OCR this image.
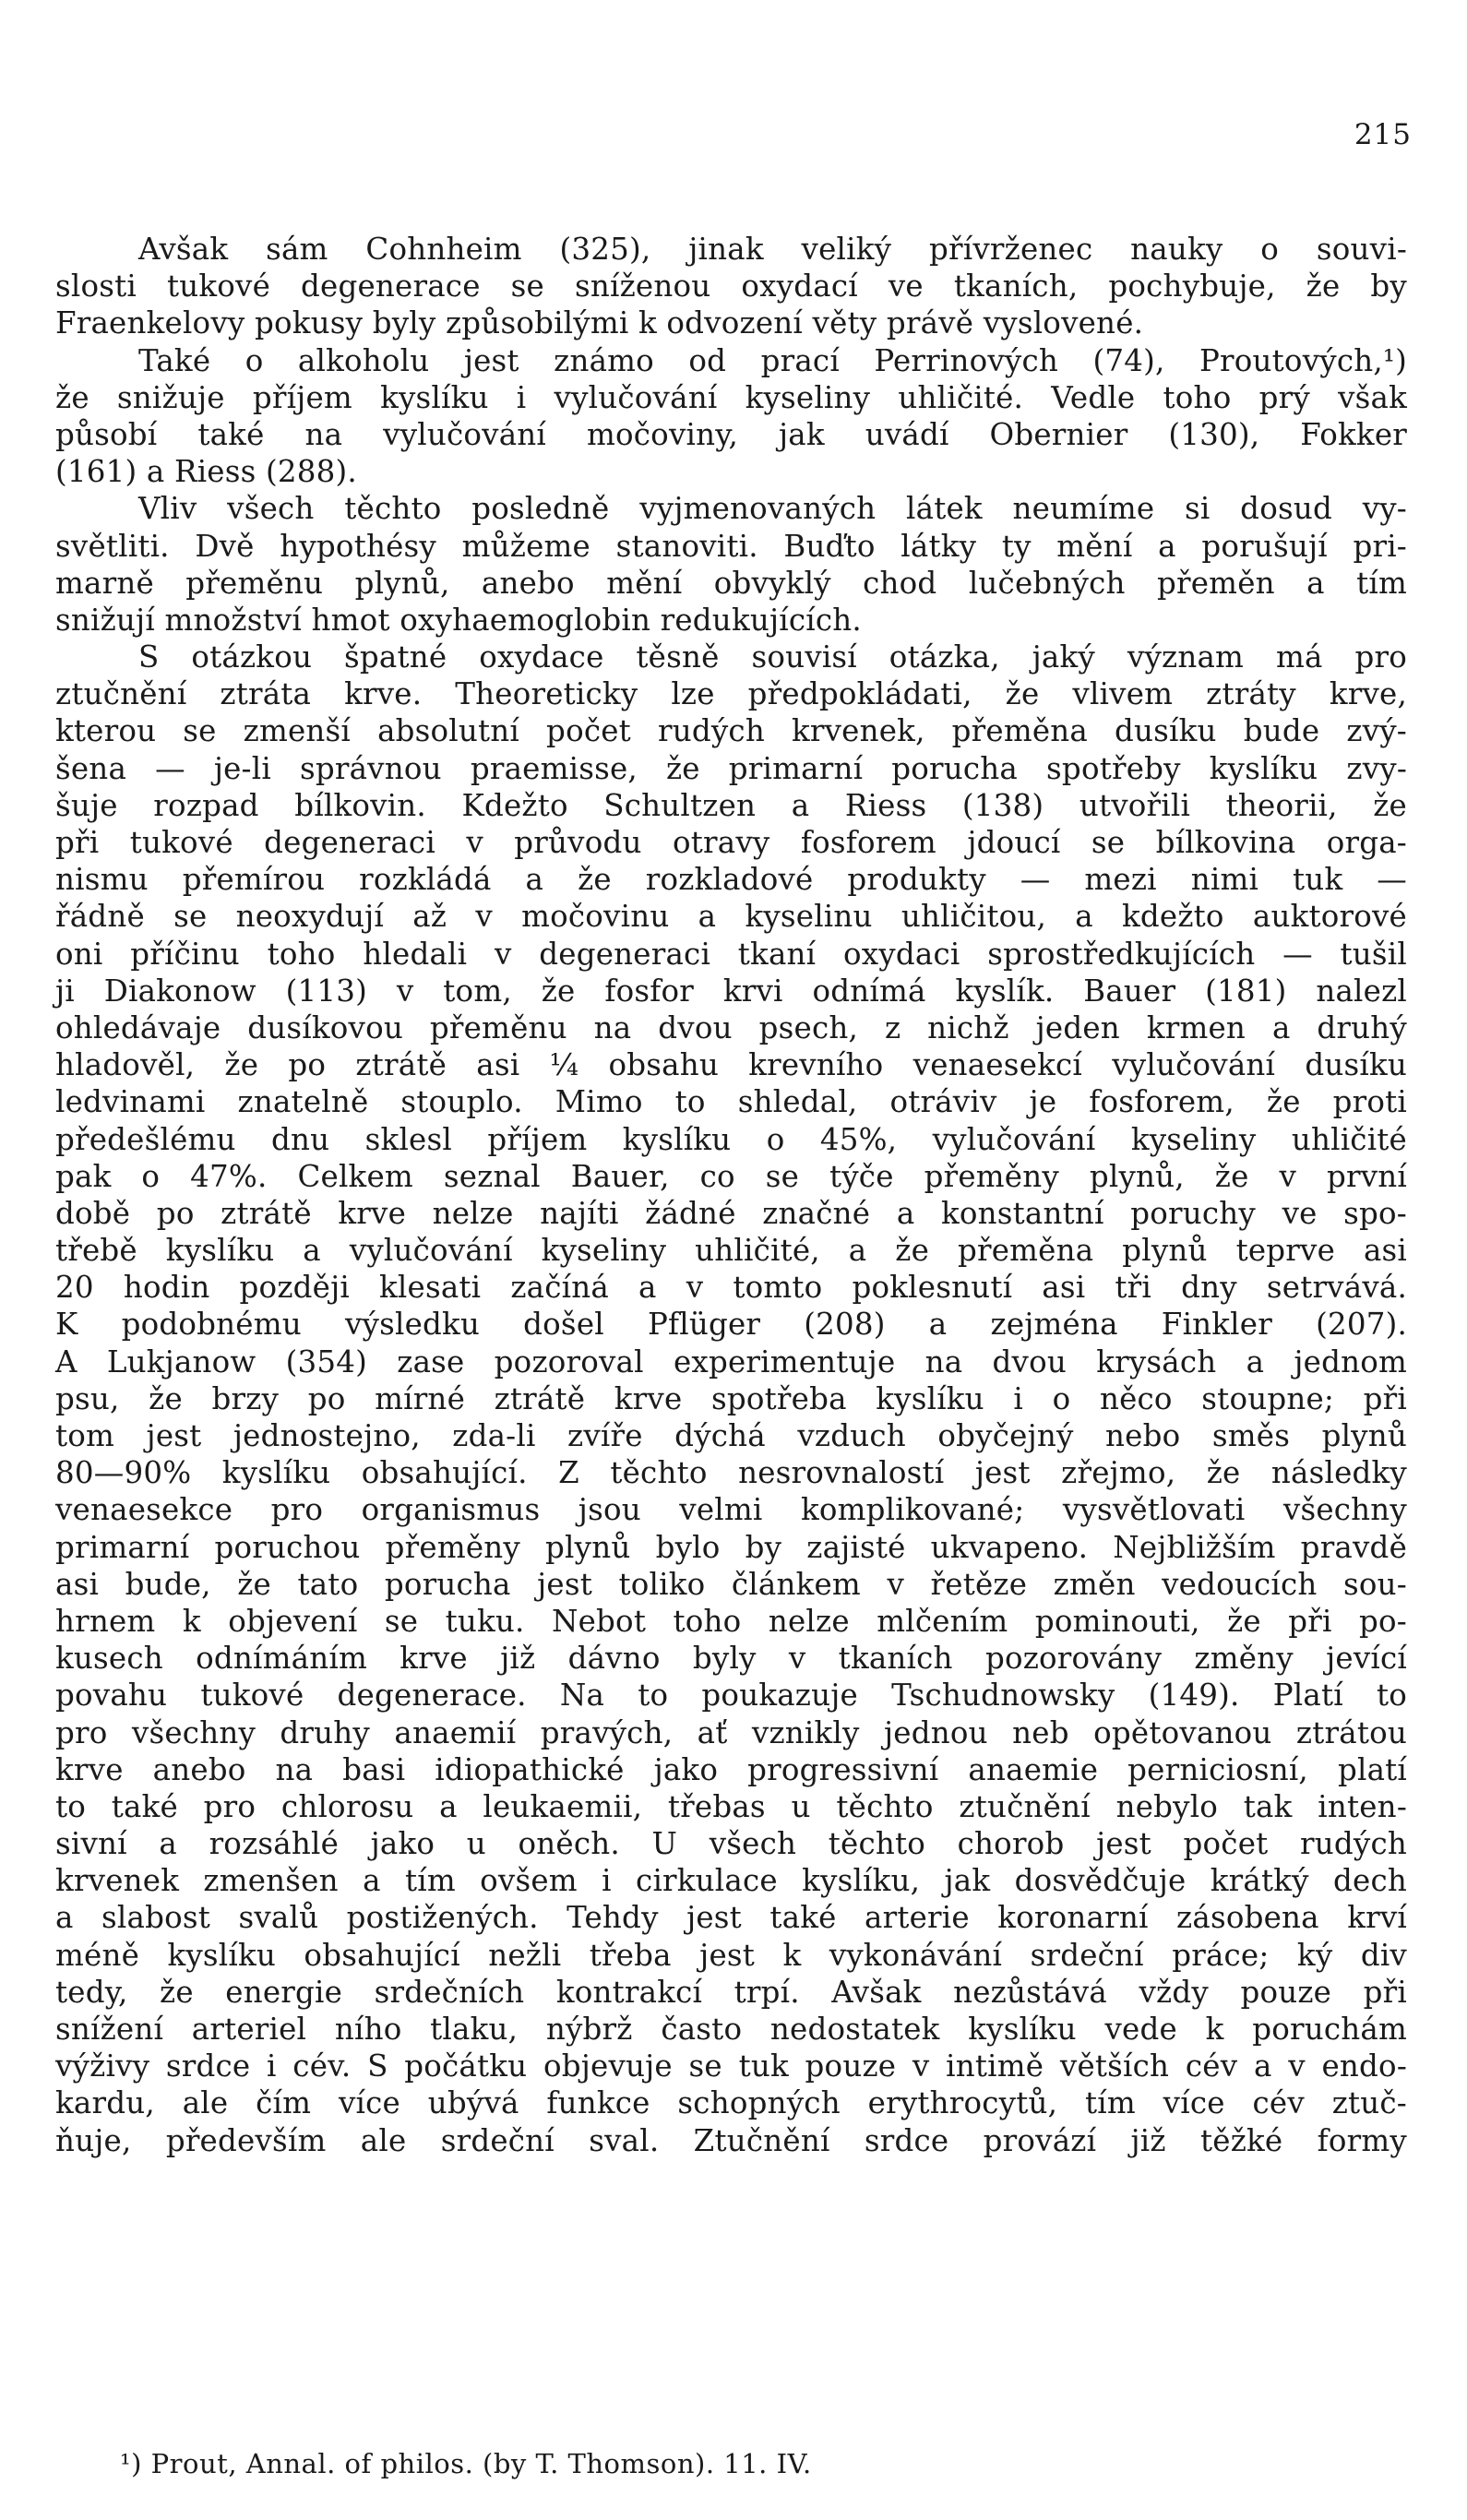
215
Avšak sám Cohnheim (325), jinak veliký přívrženec nauky o souvi-
slosti tukové degenerace se sníženou oxydací ve tkaních, pochybuje, že by
Fraenkelovy pokusy byly způsobilými k odvození věty právě vyslovené.
Také o alkoholu jest známo od prací Perrinových (74), Proutových,¹)
že snižuje příjem kyslíku i vylučování kyseliny uhličité. Vedle toho prý však
působí také na vylučování močoviny, jak uvádí Obernier (130), Fokker
(161) a Riess (288).
Vliv všech těchto posledně vyjmenovaných látek neumíme si dosud vy-
světliti. Dvě hypothésy můžeme stanoviti. Buďto látky ty mění a porušují pri-
marně přeměnu plynů, anebo mění obvyklý chod lučebných přeměn a tím
snižují množství hmot oxyhaemoglobin redukujících.
S otázkou špatné oxydace těsně souvisí otázka, jaký význam má pro
ztučnění ztráta krve. Theoreticky lze předpokládati, že vlivem ztráty krve,
kterou se zmenší absolutní počet rudých krvenek, přeměna dusíku bude zvý-
šena — je-li správnou praemisse, že primarní porucha spotřeby kyslíku zvy-
šuje rozpad bílkovin. Kdežto Schultzen a Riess (138) utvořili theorii, že
při tukové degeneraci v průvodu otravy fosforem jdoucí se bílkovina orga-
nismu přemírou rozkládá a že rozkladové produkty — mezi nimi tuk —
řádně se neoxydují až v močovinu a kyselinu uhličitou, a kdežto auktorové
oni příčinu toho hledali v degeneraci tkaní oxydaci sprostředkujících — tušil
ji Diakonow (113) v tom, že fosfor krvi odnímá kyslík. Bauer (181) nalezl
ohledávaje dusíkovou přeměnu na dvou psech, z nichž jeden krmen a druhý
hladověl, že po ztrátě asi ¼ obsahu krevního venaesekcí vylučování dusíku
ledvinami znatelně stouplo. Mimo to shledal, otráviv je fosforem, že proti
předešlému dnu sklesl příjem kyslíku o 45%, vylučování kyseliny uhličité
pak o 47%. Celkem seznal Bauer, co se týče přeměny plynů, že v první
době po ztrátě krve nelze najíti žádné značné a konstantní poruchy ve spo-
třebě kyslíku a vylučování kyseliny uhličité, a že přeměna plynů teprve asi
20 hodin později klesati začíná a v tomto poklesnutí asi tři dny setrvává.
K podobnému výsledku došel Pflüger (208) a zejména Finkler (207).
A Lukjanow (354) zase pozoroval experimentuje na dvou krysách a jednom
psu, že brzy po mírné ztrátě krve spotřeba kyslíku i o něco stoupne; při
tom jest jednostejno, zda-li zvíře dýchá vzduch obyčejný nebo směs plynů
80—90% kyslíku obsahující. Z těchto nesrovnalostí jest zřejmo, že následky
venaesekce pro organismus jsou velmi komplikované; vysvětlovati všechny
primarní poruchou přeměny plynů bylo by zajisté ukvapeno. Nejbližším pravdě
asi bude, že tato porucha jest toliko článkem v řetěze změn vedoucích sou-
hrnem k objevení se tuku. Nebot toho nelze mlčením pominouti, že při po-
kusech odnímáním krve již dávno byly v tkaních pozorovány změny jevící
povahu tukové degenerace. Na to poukazuje Tschudnowsky (149). Platí to
pro všechny druhy anaemií pravých, ať vznikly jednou neb opětovanou ztrátou
krve anebo na basi idiopathické jako progressivní anaemie perniciosní, platí
to také pro chlorosu a leukaemii, třebas u těchto ztučnění nebylo tak inten-
sivní a rozsáhlé jako u oněch. U všech těchto chorob jest počet rudých
krvenek zmenšen a tím ovšem i cirkulace kyslíku, jak dosvědčuje krátký dech
a slabost svalů postižených. Tehdy jest také arterie koronarní zásobena krví
méně kyslíku obsahující nežli třeba jest k vykonávání srdeční práce; ký div
tedy, že energie srdečních kontrakcí trpí. Avšak nezůstává vždy pouze při
snížení arteriel ního tlaku, nýbrž často nedostatek kyslíku vede k poruchám
výživy srdce i cév. S počátku objevuje se tuk pouze v intimě větších cév a v endo-
kardu, ale čím více ubývá funkce schopných erythrocytů, tím více cév ztuč-
ňuje, především ale srdeční sval. Ztučnění srdce provází již těžké formy
¹) Prout, Annal. of philos. (by T. Thomson). 11. IV.
